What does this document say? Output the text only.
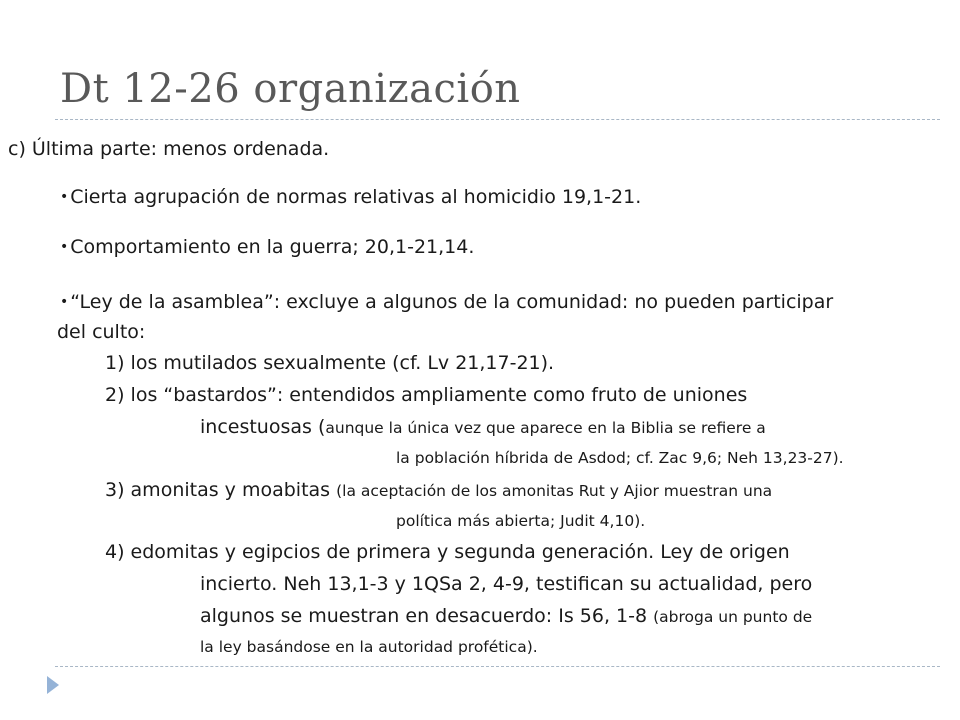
Dt 12-26 organización
c) Última parte: menos ordenada.
• Cierta agrupación de normas relativas al homicidio 19,1-21.
• Comportamiento en la guerra; 20,1-21,14.
• “Ley de la asamblea”: excluye a algunos de la comunidad: no pueden participar
del culto:
1) los mutilados sexualmente (cf. Lv 21,17-21).
2) los “bastardos”: entendidos ampliamente como fruto de uniones
incestuosas (aunque la única vez que aparece en la Biblia se refiere a
la población híbrida de Asdod; cf. Zac 9,6; Neh 13,23-27).
3) amonitas y moabitas (la aceptación de los amonitas Rut y Ajior muestran una
política más abierta; Judit 4,10).
4) edomitas y egipcios de primera y segunda generación. Ley de origen
incierto. Neh 13,1-3 y 1QSa 2, 4-9, testifican su actualidad, pero
algunos se muestran en desacuerdo: Is 56, 1-8 (abroga un punto de
la ley basándose en la autoridad profética).
